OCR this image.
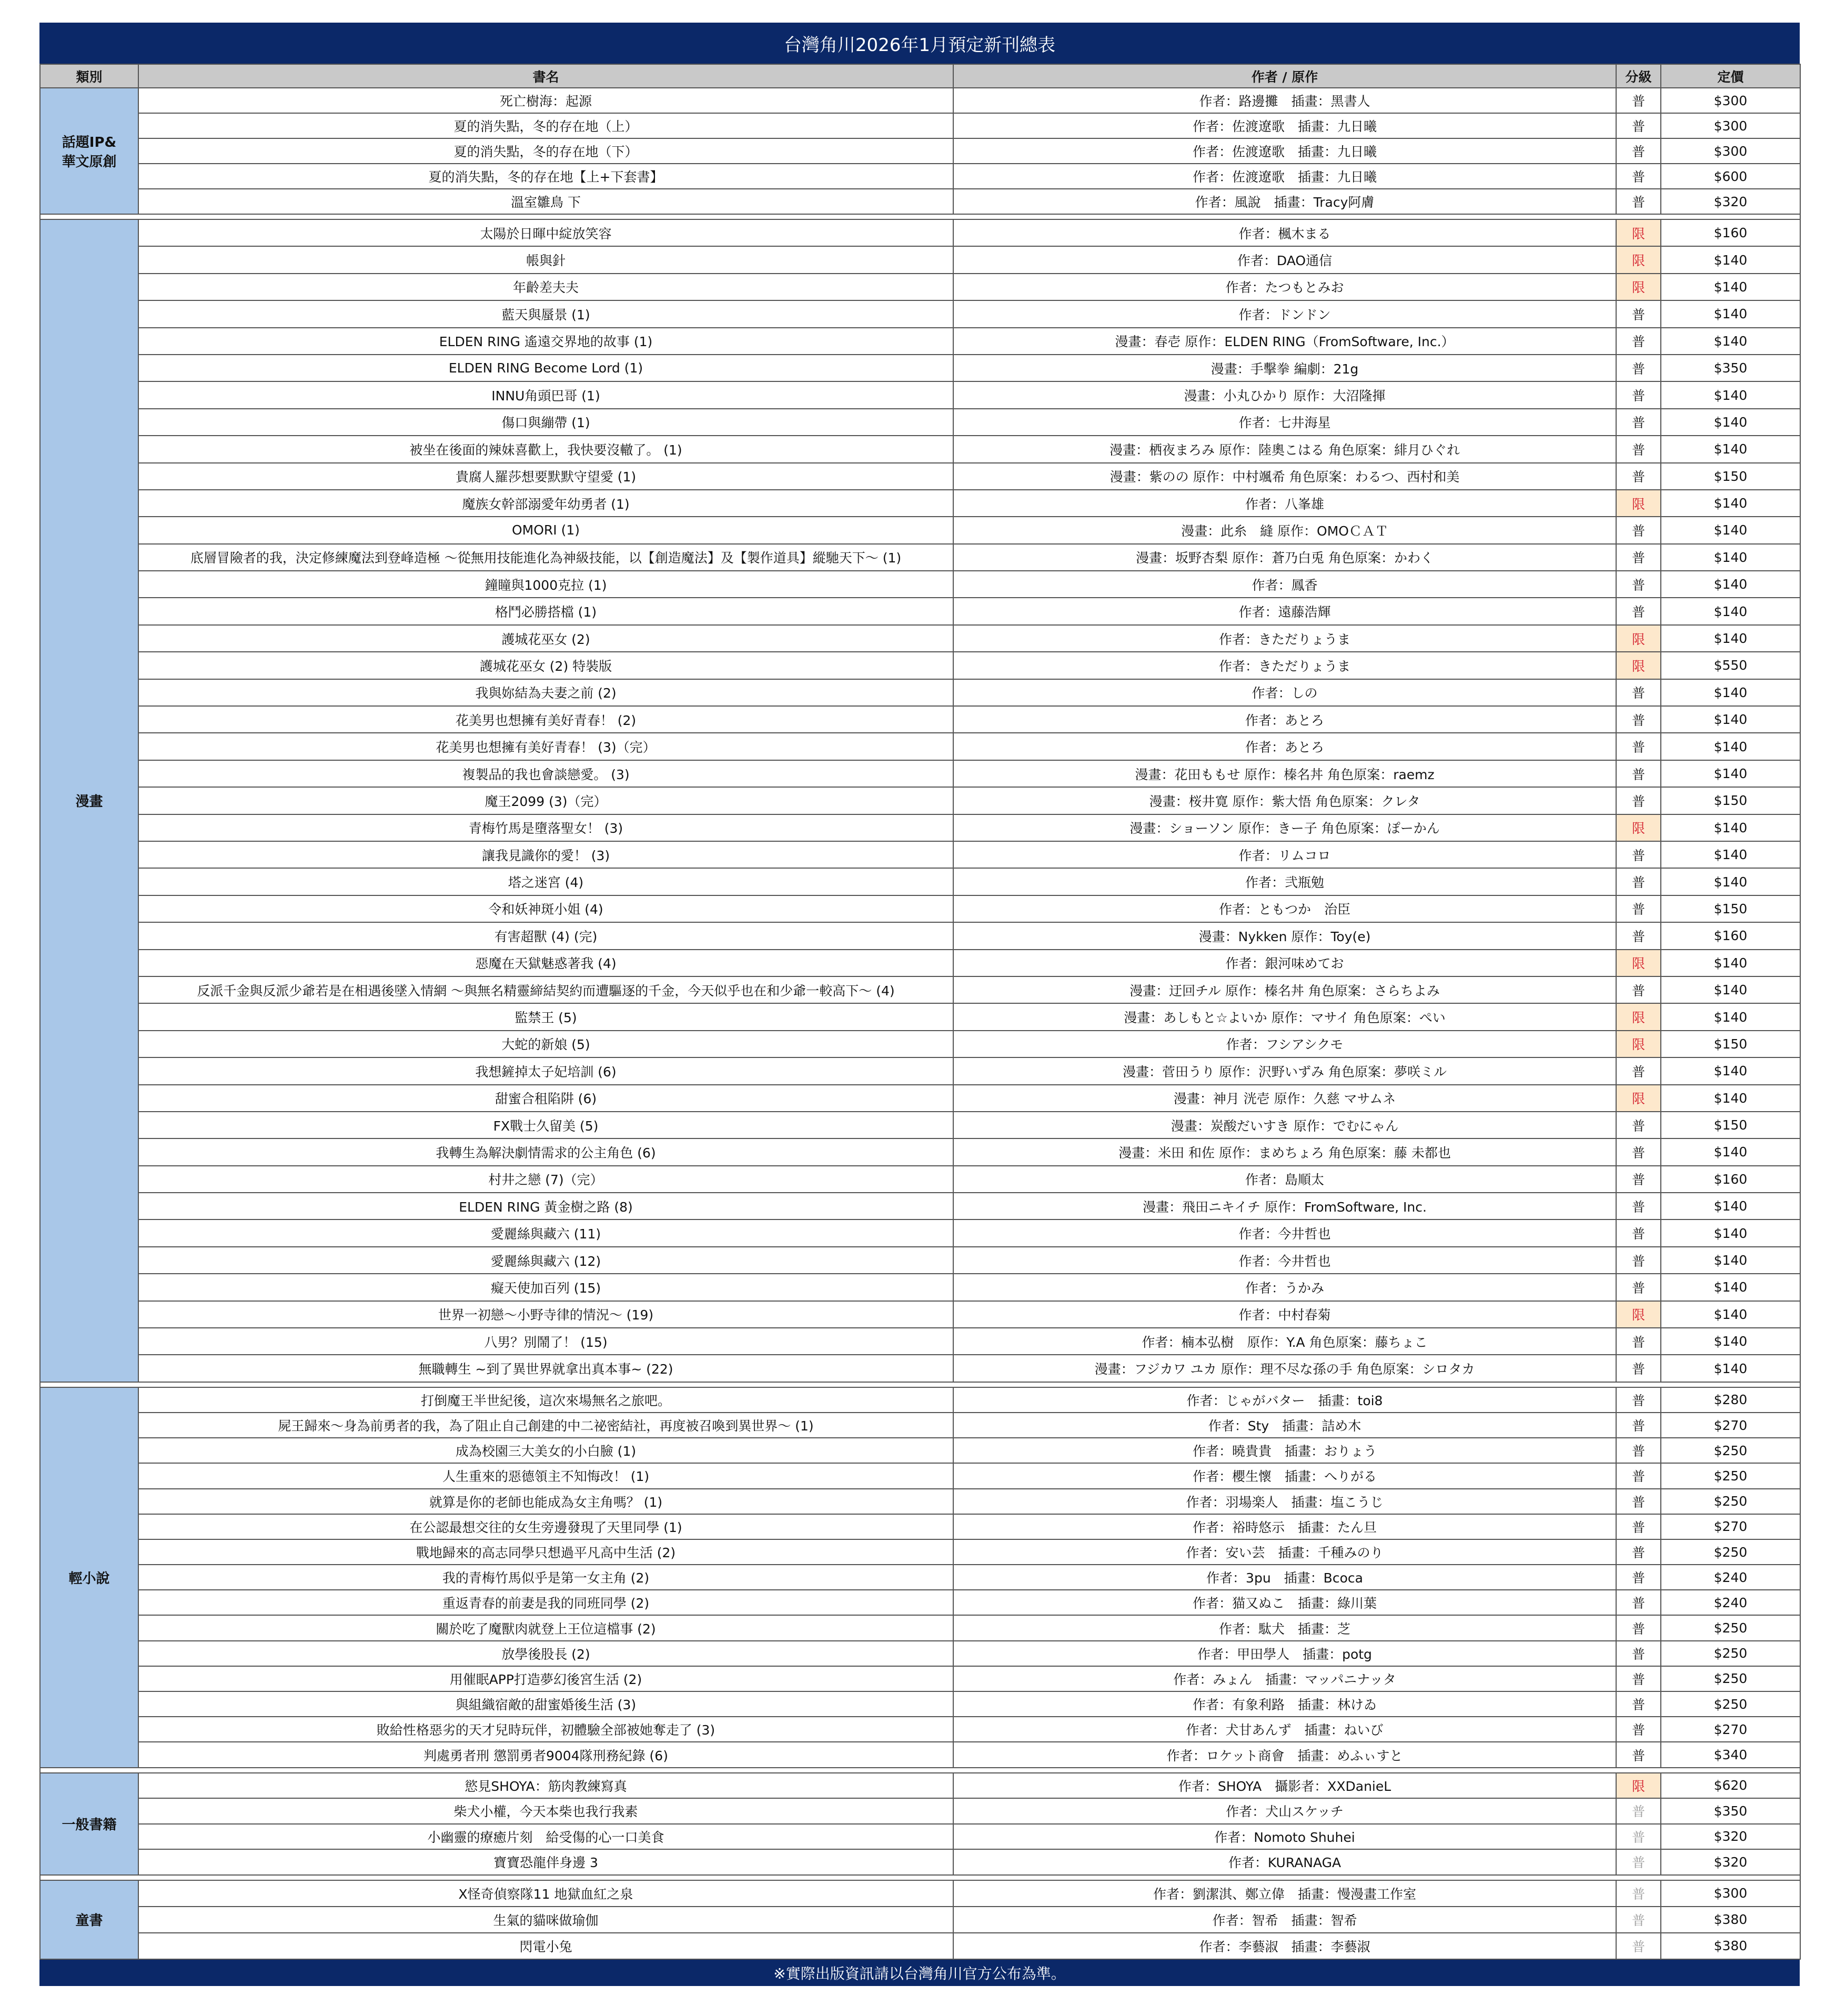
台灣角川2026年1月預定新刊總表
類別	書名	作者 / 原作	分級	定價
話題IP&
華文原創	死亡樹海：起源	作者：路邊攤　插畫：黑書人	普	$300
	夏的消失點，冬的存在地（上）	作者：佐渡遼歌　插畫：九日曦	普	$300
	夏的消失點，冬的存在地（下）	作者：佐渡遼歌　插畫：九日曦	普	$300
	夏的消失點，冬的存在地【上+下套書】	作者：佐渡遼歌　插畫：九日曦	普	$600
	溫室雛鳥 下	作者：風說　插畫：Tracy阿膚	普	$320

漫畫	太陽於日暉中綻放笑容	作者：楓木まる	限	$160
	帳與針	作者：DAO通信	限	$140
	年齡差夫夫	作者：たつもとみお	限	$140
	藍天與蜃景 (1)	作者：ドンドン	普	$140
	ELDEN RING 遙遠交界地的故事 (1)	漫畫：春壱 原作：ELDEN RING（FromSoftware, Inc.）	普	$140
	ELDEN RING Become Lord (1)	漫畫：手擊拳 編劇：21g	普	$350
	INNU角頭巴哥 (1)	漫畫：小丸ひかり 原作：大沼隆揮	普	$140
	傷口與繃帶 (1)	作者：七井海星	普	$140
	被坐在後面的辣妹喜歡上，我快要沒轍了。 (1)	漫畫：栖夜まろみ 原作：陸奧こはる 角色原案：緋月ひぐれ	普	$140
	貴腐人羅莎想要默默守望愛 (1)	漫畫：紫のの 原作：中村颯希 角色原案：わるつ、西村和美	普	$150
	魔族女幹部溺愛年幼勇者 (1)	作者：八峯雄	限	$140
	OMORI (1)	漫畫：此糸　縫 原作：OMOＣＡＴ	普	$140
	底層冒險者的我，決定修練魔法到登峰造極 ～從無用技能進化為神級技能，以【創造魔法】及【製作道具】縱馳天下～ (1)	漫畫：坂野杏梨 原作：蒼乃白兎 角色原案：かわく	普	$140
	鐘瞳與1000克拉 (1)	作者：鳳香	普	$140
	格鬥必勝搭檔 (1)	作者：遠藤浩輝	普	$140
	護城花巫女 (2)	作者：きただりょうま	限	$140
	護城花巫女 (2) 特裝版	作者：きただりょうま	限	$550
	我與妳結為夫妻之前 (2)	作者：しの	普	$140
	花美男也想擁有美好青春！ (2)	作者：あとろ	普	$140
	花美男也想擁有美好青春！ (3)（完）	作者：あとろ	普	$140
	複製品的我也會談戀愛。 (3)	漫畫：花田ももせ 原作：榛名丼 角色原案：raemz	普	$140
	魔王2099 (3)（完）	漫畫：桜井寛 原作：紫大悟 角色原案：クレタ	普	$150
	青梅竹馬是墮落聖女！ (3)	漫畫：ショーソン 原作：きー子 角色原案：ぽーかん	限	$140
	讓我見識你的愛！ (3)	作者：リムコロ	普	$140
	塔之迷宮 (4)	作者：弐瓶勉	普	$140
	令和妖神斑小姐 (4)	作者：ともつか　治臣	普	$150
	有害超獸 (4) (完)	漫畫：Nykken 原作：Toy(e)	普	$160
	惡魔在天獄魅惑著我 (4)	作者：銀河味めてお	限	$140
	反派千金與反派少爺若是在相遇後墜入情網 ～與無名精靈締結契約而遭驅逐的千金，今天似乎也在和少爺一較高下～ (4)	漫畫：迂回チル 原作：榛名丼 角色原案：さらちよみ	普	$140
	監禁王 (5)	漫畫：あしもと☆よいか 原作：マサイ 角色原案：ぺい	限	$140
	大蛇的新娘 (5)	作者：フシアシクモ	限	$150
	我想鏟掉太子妃培訓 (6)	漫畫：菅田うり 原作：沢野いずみ 角色原案：夢咲ミル	普	$140
	甜蜜合租陷阱 (6)	漫畫：神月 洸壱 原作：久慈 マサムネ	限	$140
	FX戰士久留美 (5)	漫畫：炭酸だいすき 原作：でむにゃん	普	$150
	我轉生為解決劇情需求的公主角色 (6)	漫畫：米田 和佐 原作：まめちょろ 角色原案：藤 未都也	普	$140
	村井之戀 (7)（完）	作者：島順太	普	$160
	ELDEN RING 黃金樹之路 (8)	漫畫：飛田ニキイチ 原作：FromSoftware, Inc.	普	$140
	愛麗絲與藏六 (11)	作者：今井哲也	普	$140
	愛麗絲與藏六 (12)	作者：今井哲也	普	$140
	癡天使加百列 (15)	作者：うかみ	普	$140
	世界一初戀～小野寺律的情況～ (19)	作者：中村春菊	限	$140
	八男？別鬧了！ (15)	作者：楠本弘樹　原作：Y.A 角色原案：藤ちょこ	普	$140
	無職轉生 ~到了異世界就拿出真本事~ (22)	漫畫：フジカワ ユカ 原作：理不尽な孫の手 角色原案：シロタカ	普	$140

輕小說	打倒魔王半世紀後，這次來場無名之旅吧。	作者：じゃがバター　插畫：toi8	普	$280
	屍王歸來～身為前勇者的我，為了阻止自己創建的中二祕密結社，再度被召喚到異世界～ (1)	作者：Sty　插畫：詰め木	普	$270
	成為校園三大美女的小白臉 (1)	作者：曉貴貴　插畫：おりょう	普	$250
	人生重來的惡德領主不知悔改！ (1)	作者：櫻生懷　插畫：へりがる	普	$250
	就算是你的老師也能成為女主角嗎？ (1)	作者：羽場楽人　插畫：塩こうじ	普	$250
	在公認最想交往的女生旁邊發現了天里同學 (1)	作者：裕時悠示　插畫：たん旦	普	$270
	戰地歸來的高志同學只想過平凡高中生活 (2)	作者：安い芸　插畫：千種みのり	普	$250
	我的青梅竹馬似乎是第一女主角 (2)	作者：3pu　插畫：Bcoca	普	$240
	重返青春的前妻是我的同班同學 (2)	作者：猫又ぬこ　插畫：綠川葉	普	$240
	關於吃了魔獸肉就登上王位這檔事 (2)	作者：駄犬　插畫：芝	普	$250
	放學後股長 (2)	作者：甲田學人　插畫：potg	普	$250
	用催眠APP打造夢幻後宮生活 (2)	作者：みょん　插畫：マッパニナッタ	普	$250
	與組織宿敵的甜蜜婚後生活 (3)	作者：有象利路　插畫：林けゐ	普	$250
	敗給性格惡劣的天才兒時玩伴，初體驗全部被她奪走了 (3)	作者：犬甘あんず　插畫：ねいび	普	$270
	判處勇者刑 懲罰勇者9004隊刑務紀錄 (6)	作者：ロケット商會　插畫：めふぃすと	普	$340

一般書籍	慾見SHOYA：筋肉教練寫真	作者：SHOYA　攝影者：XXDanieL	限	$620
	柴犬小權，今天本柴也我行我素	作者：犬山スケッチ	普	$350
	小幽靈的療癒片刻　給受傷的心一口美食	作者：Nomoto Shuhei	普	$320
	寶寶恐龍伴身邊 3	作者：KURANAGA	普	$320

童書	X怪奇偵察隊11 地獄血紅之泉	作者：劉潔淇、鄭立偉　插畫：慢漫畫工作室	普	$300
	生氣的貓咪做瑜伽	作者：智希　插畫：智希	普	$380
	閃電小兔	作者：李藝淑　插畫：李藝淑	普	$380
※實際出版資訊請以台灣角川官方公布為準。
